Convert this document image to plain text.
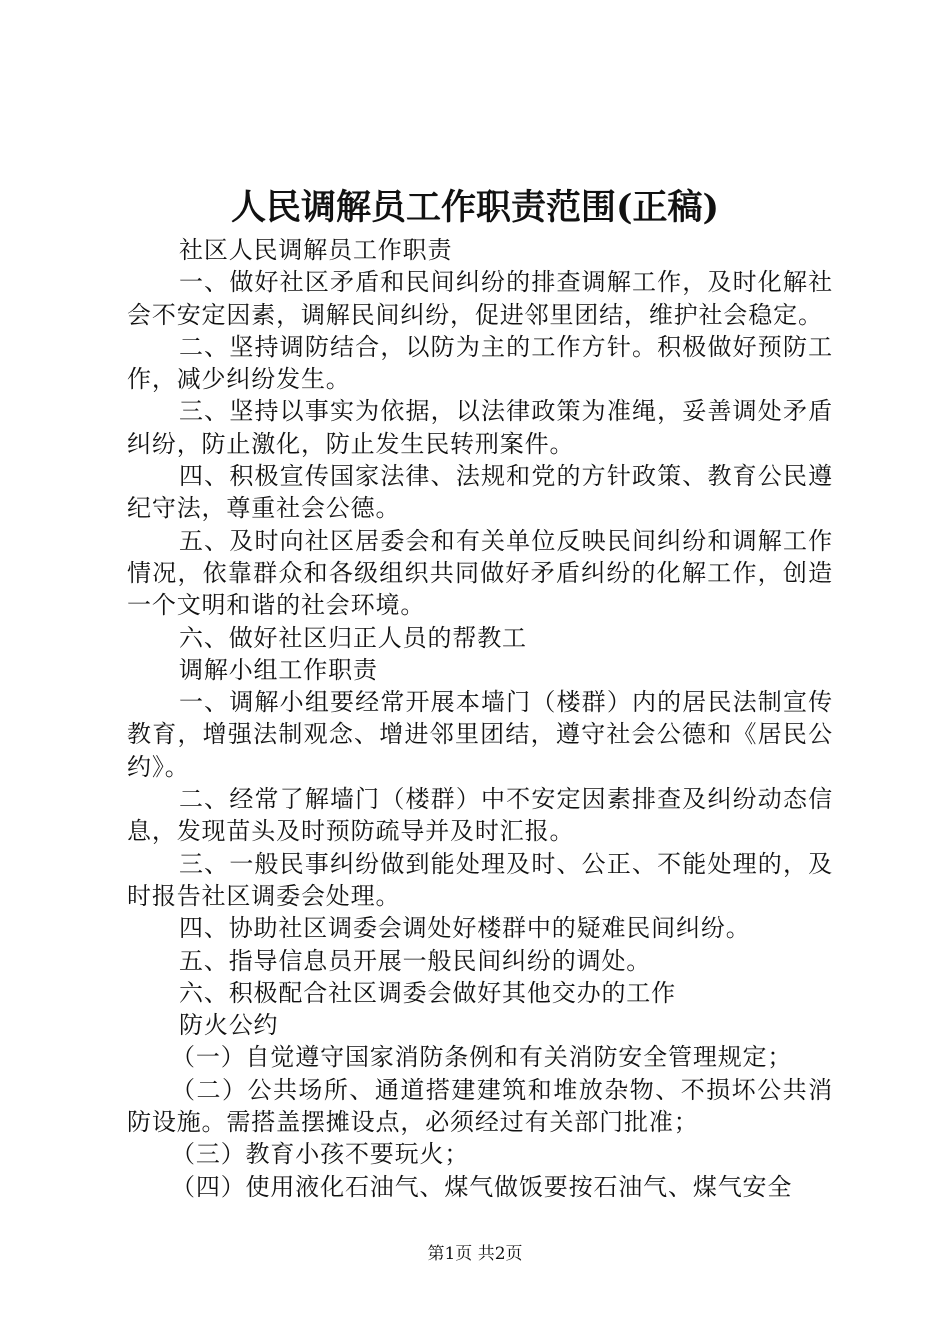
人民调解员工作职责范围(正稿)

社区人民调解员工作职责

一、做好社区矛盾和民间纠纷的排查调解工作，及时化解社会不安定因素，调解民间纠纷，促进邻里团结，维护社会稳定。

二、坚持调防结合，以防为主的工作方针。积极做好预防工作，减少纠纷发生。

三、坚持以事实为依据，以法律政策为准绳，妥善调处矛盾纠纷，防止激化，防止发生民转刑案件。

四、积极宣传国家法律、法规和党的方针政策、教育公民遵纪守法，尊重社会公德。

五、及时向社区居委会和有关单位反映民间纠纷和调解工作情况，依靠群众和各级组织共同做好矛盾纠纷的化解工作，创造一个文明和谐的社会环境。

六、做好社区归正人员的帮教工

调解小组工作职责

一、调解小组要经常开展本墙门（楼群）内的居民法制宣传教育，增强法制观念、增进邻里团结，遵守社会公德和《居民公约》。

二、经常了解墙门（楼群）中不安定因素排查及纠纷动态信息，发现苗头及时预防疏导并及时汇报。

三、一般民事纠纷做到能处理及时、公正、不能处理的，及时报告社区调委会处理。

四、协助社区调委会调处好楼群中的疑难民间纠纷。

五、指导信息员开展一般民间纠纷的调处。

六、积极配合社区调委会做好其他交办的工作

防火公约

（一）自觉遵守国家消防条例和有关消防安全管理规定；

（二）公共场所、通道搭建建筑和堆放杂物、不损坏公共消防设施。需搭盖摆摊设点，必须经过有关部门批准；

（三）教育小孩不要玩火；

（四）使用液化石油气、煤气做饭要按石油气、煤气安全

第1页 共2页
